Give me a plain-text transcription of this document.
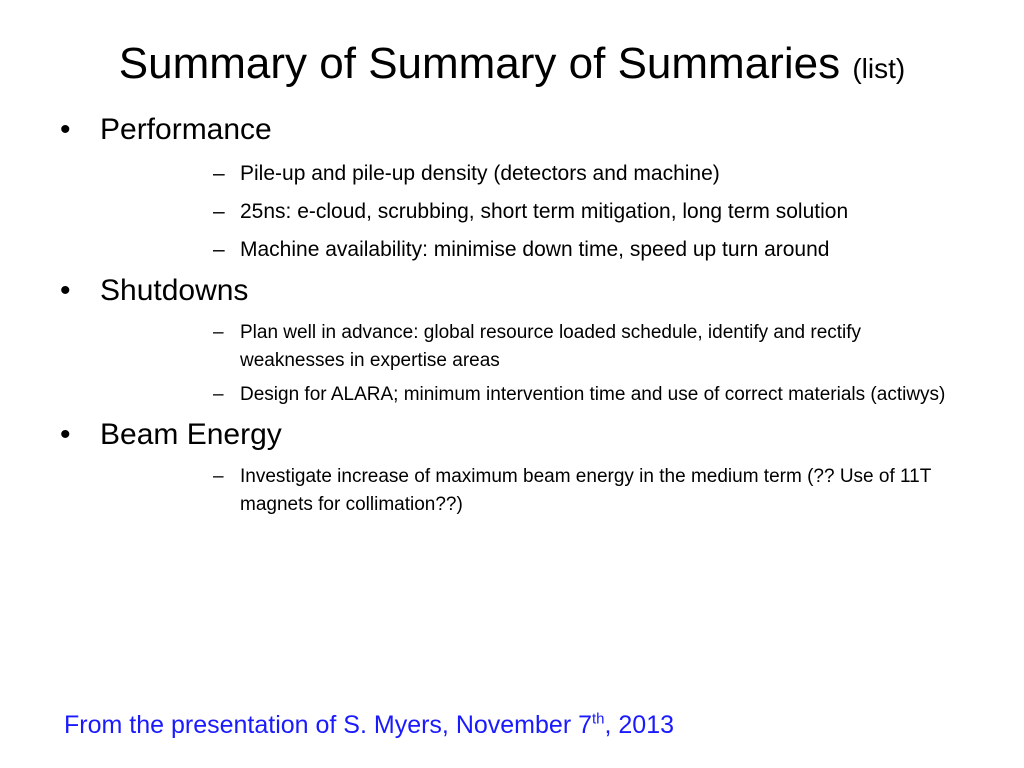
Summary of Summary of Summaries (list)
• Performance
– Pile-up and pile-up density (detectors and machine)
– 25ns: e-cloud, scrubbing, short term mitigation, long term solution
– Machine availability: minimise down time, speed up turn around
• Shutdowns
– Plan well in advance: global resource loaded schedule, identify and rectify weaknesses in expertise areas
– Design for ALARA; minimum intervention time and use of correct materials (actiwys)
• Beam Energy
– Investigate increase of maximum beam energy in the medium term (?? Use of 11T magnets for collimation??)
From the presentation of S. Myers, November 7th, 2013
